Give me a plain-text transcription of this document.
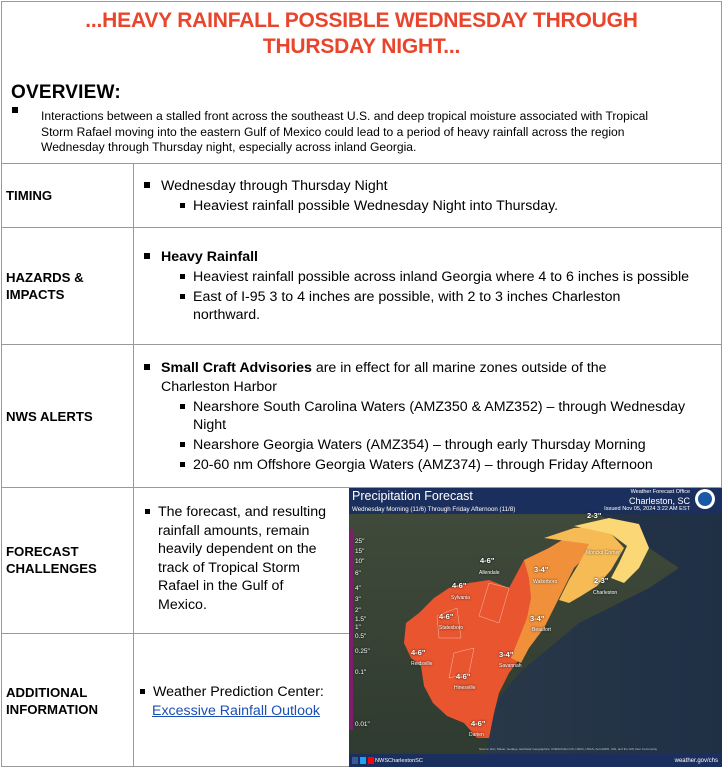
...HEAVY RAINFALL POSSIBLE WEDNESDAY THROUGH
THURSDAY NIGHT...
OVERVIEW:
Interactions between a stalled front across the southeast U.S. and deep tropical moisture associated with Tropical
Storm Rafael moving into the eastern Gulf of Mexico could lead to a period of heavy rainfall across the region
Wednesday through Thursday night, especially across inland Georgia.
TIMING
Wednesday through Thursday Night
Heaviest rainfall possible Wednesday Night into Thursday.
HAZARDS &
IMPACTS
Heavy Rainfall
Heaviest rainfall possible across inland Georgia where 4 to 6 inches is possible
East of I-95 3 to 4 inches are possible, with 2 to 3 inches Charleston
northward.
NWS ALERTS
Small Craft Advisories are in effect for all marine zones outside of the
Charleston Harbor
Nearshore South Carolina Waters (AMZ350 & AMZ352) – through Wednesday
Night
Nearshore Georgia Waters (AMZ354) – through early Thursday Morning
20-60 nm Offshore Georgia Waters (AMZ374) – through Friday Afternoon
FORECAST
CHALLENGES
The forecast, and resulting
rainfall amounts, remain
heavily dependent on the
track of Tropical Storm
Rafael in the Gulf of
Mexico.
ADDITIONAL
INFORMATION
Weather Prediction Center:
Excessive Rainfall Outlook
Precipitation Forecast
Wednesday Morning (11/6) Through Friday Afternoon (11/8)
Weather Forecast Office
Charleston, SC
Issued Nov 05, 2024 3:22 AM EST
25"
15"
10"
6"
4"
3"
2"
1.5"
1"
0.5"
0.25"
0.1"
0.01"
4-6"
4-6"
4-6"
4-6"
4-6"
4-6"
3-4"
3-4"
3-4"
2-3"
2-3"
Allendale
Sylvania
Statesboro
Reidsville
Hinesville
Darien
Savannah
Beaufort
Walterboro
Moncks Corner
Charleston
Source: Esri, Maxar, GeoEye, Earthstar Geographics, CNES/Airbus DS, USDA, USGS, AeroGRID, IGN, and the GIS User Community
NWSCharlestonSC	weather.gov/chs
